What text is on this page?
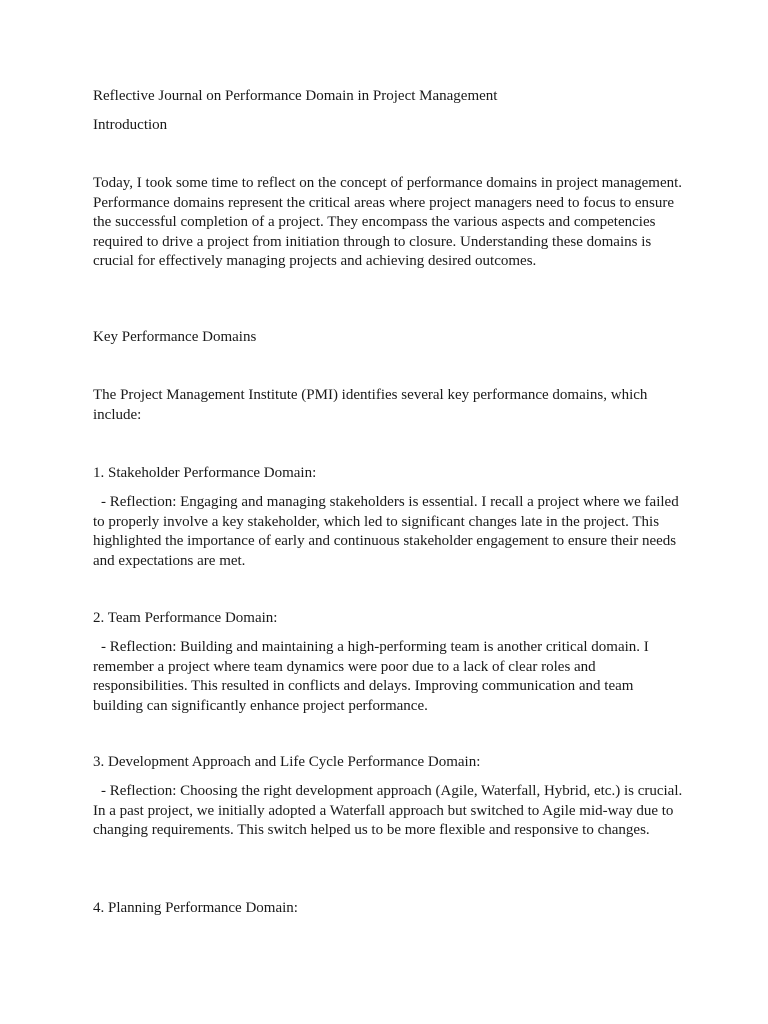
Reflective Journal on Performance Domain in Project Management

Introduction

Today, I took some time to reflect on the concept of performance domains in project management. Performance domains represent the critical areas where project managers need to focus to ensure the successful completion of a project. They encompass the various aspects and competencies required to drive a project from initiation through to closure. Understanding these domains is crucial for effectively managing projects and achieving desired outcomes.

Key Performance Domains

The Project Management Institute (PMI) identifies several key performance domains, which include:

1. Stakeholder Performance Domain:

- Reflection: Engaging and managing stakeholders is essential. I recall a project where we failed to properly involve a key stakeholder, which led to significant changes late in the project. This highlighted the importance of early and continuous stakeholder engagement to ensure their needs and expectations are met.

2. Team Performance Domain:

- Reflection: Building and maintaining a high-performing team is another critical domain. I remember a project where team dynamics were poor due to a lack of clear roles and responsibilities. This resulted in conflicts and delays. Improving communication and team building can significantly enhance project performance.

3. Development Approach and Life Cycle Performance Domain:

- Reflection: Choosing the right development approach (Agile, Waterfall, Hybrid, etc.) is crucial. In a past project, we initially adopted a Waterfall approach but switched to Agile mid-way due to changing requirements. This switch helped us to be more flexible and responsive to changes.

4. Planning Performance Domain:
